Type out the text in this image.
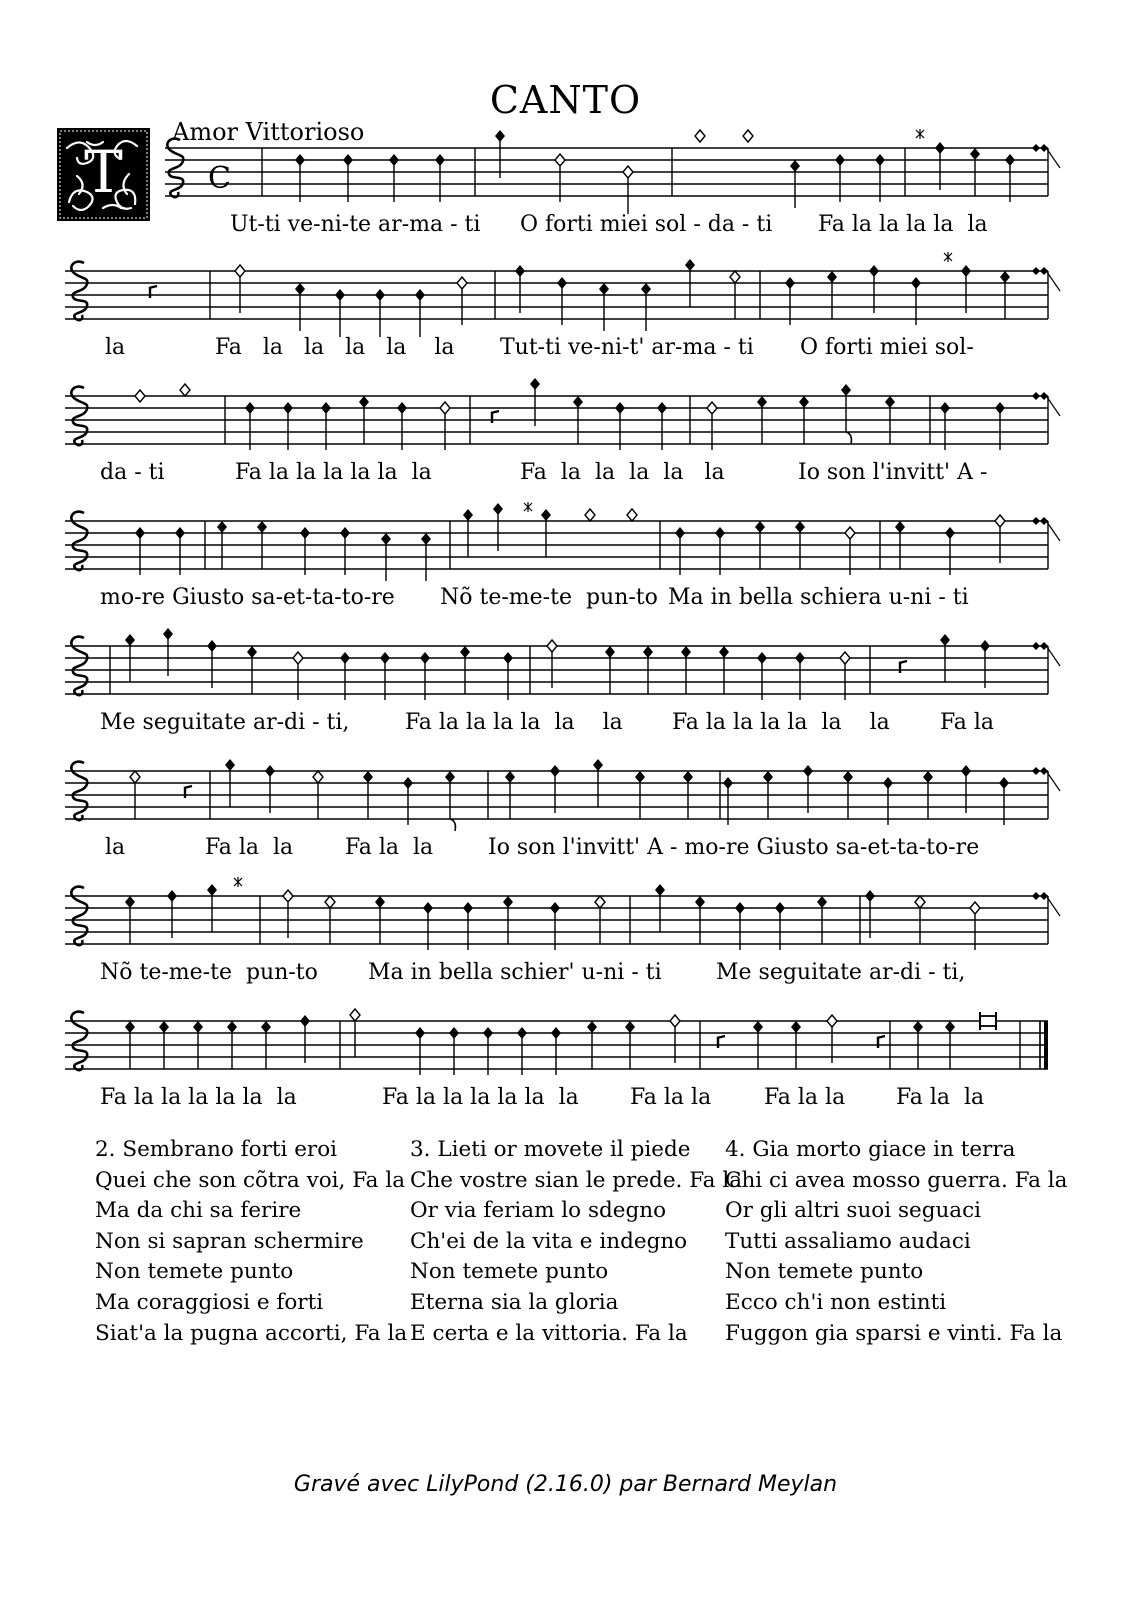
CANTO
Amor Vittorioso
T	C
2. Sembrano forti eroi
Quei che son cõtra voi, Fa la
Ma da chi sa ferire
Non si sapran schermire
Non temete punto
Ma coraggiosi e forti
Siat'a la pugna accorti, Fa la
3. Lieti or movete il piede
Che vostre sian le prede. Fa la
Or via feriam lo sdegno
Ch'ei de la vita e indegno
Non temete punto
Eterna sia la gloria
E certa e la vittoria. Fa la
4. Gia morto giace in terra
Chi ci avea mosso guerra. Fa la
Or gli altri suoi seguaci
Tutti assaliamo audaci
Non temete punto
Ecco ch'i non estinti
Fuggon gia sparsi e vinti. Fa la
Ut-ti ve-ni-te ar-ma - ti O forti miei sol - da - ti Fa la la la la  la
la	Fa   la   la   la   la    la Tut-ti ve-ni-t' ar-ma - ti O forti miei sol-
da - ti	Fa la la la la la  la	Fa  la  la  la  la   la	Io son l'invitt' A -
mo-re Giusto sa-et-ta-to-re Nõ te-me-te  pun-to Ma in bella schiera u-ni - ti
Me seguitate ar-di - ti,	Fa la la la la  la    la Fa la la la la  la    la Fa la
la	Fa la  la Fa la  la Io son l'invitt' A - mo-re Giusto sa-et-ta-to-re
Nõ te-me-te  pun-to Ma in bella schier' u-ni - ti Me seguitate ar-di - ti,
Fa la la la la la  la	Fa la la la la la  la Fa la la Fa la la Fa la  la
Gravé avec LilyPond (2.16.0) par Bernard Meylan
